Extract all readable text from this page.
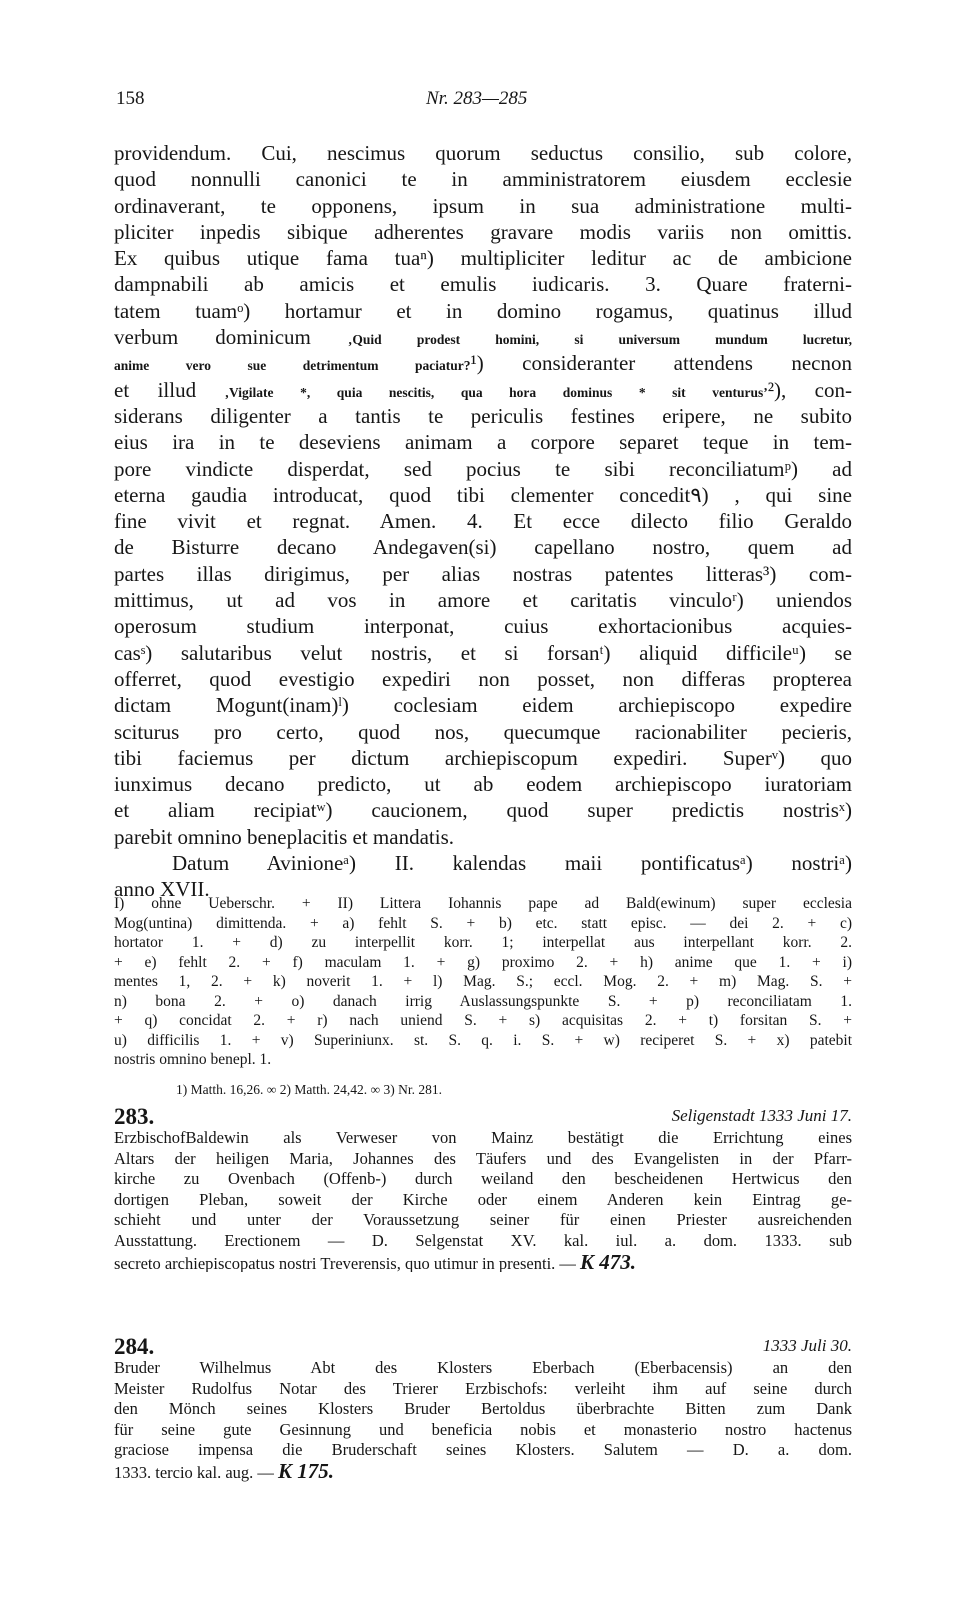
158	Nr. 283—285
providendum. Cui, nescimus quorum seductus consilio, sub colore,
quod nonnulli canonici te in amministratorem eiusdem ecclesie
ordinaverant, te opponens, ipsum in sua administratione multi-
pliciter inpedis sibique adherentes gravare modis variis non omittis.
Ex quibus utique fama tuaⁿ) multipliciter leditur ac de ambicione
dampnabili ab amicis et emulis iudicaris. 3. Quare fraterni-
tatem tuamᵒ) hortamur et in domino rogamus, quatinus illud
verbum dominicum	‚Quid prodest homini, si universum mundum lucretur,
anime vero sue detrimentum paciatur?¹) consideranter attendens necnon
et illud ‚Vigilate *, quia nescitis, qua hora dominus * sit venturus’²), con-
siderans diligenter a tantis te periculis festines eripere, ne subito
eius ira in te deseviens animam a corpore separet teque in tem-
pore vindicte disperdat, sed pocius te sibi reconciliatumᵖ) ad
eterna gaudia introducat, quod tibi clementer concedit۹) , qui sine
fine vivit et regnat. Amen. 4. Et ecce dilecto filio Geraldo
de Bisturre decano Andegaven(si) capellano nostro, quem ad
partes illas dirigimus, per alias nostras patentes litteras³) com-
mittimus, ut ad vos in amore et caritatis vinculoʳ) uniendos
operosum studium interponat, cuius exhortacionibus acquies-
casˢ) salutaribus velut nostris, et si forsanᵗ) aliquid difficileᵘ) se
offerret, quod evestigio expediri non posset, non differas propterea
dictam Mogunt(inam)ˡ) coclesiam eidem archiepiscopo expedire
sciturus pro certo, quod nos, quecumque racionabiliter pecieris,
tibi faciemus per dictum archiepiscopum expediri. Superᵛ) quo
iunximus decano predicto, ut ab eodem archiepiscopo iuratoriam
et aliam recipiatʷ) caucionem, quod super predictis nostrisˣ)
parebit omnino beneplacitis et mandatis.
Datum Avinioneᵃ) II. kalendas maii pontificatusᵃ) nostriᵃ)
anno XVII.
I) ohne Ueberschr. + II) Littera Iohannis pape ad Bald(ewinum) super ecclesia
Mog(untina) dimittenda. + a) fehlt S. + b) etc. statt episc. — dei 2. + c)
hortator 1. + d) zu interpellit korr. 1; interpellat aus interpellant korr. 2.
+ e) fehlt 2. + f) maculam 1. + g) proximo 2. + h) anime que 1. + i)
mentes 1, 2. + k) noverit 1. + l) Mag. S.; eccl. Mog. 2. + m) Mag. S. +
n) bona 2. + o) danach irrig Auslassungspunkte S. + p) reconciliatam 1.
+ q) concidat 2. + r) nach uniend S. + s) acquisitas 2. + t) forsitan S. +
u) difficilis 1. + v) Superiniunx. st. S. q. i. S. + w) reciperet S. + x) patebit
nostris omnino benepl. 1.
1) Matth. 16,26. ∞ 2) Matth. 24,42. ∞ 3) Nr. 281.
283.	Seligenstadt 1333 Juni 17.
ErzbischofBaldewin als Verweser von Mainz bestätigt die Errichtung eines
Altars der heiligen Maria, Johannes des Täufers und des Evangelisten in der Pfarr-
kirche zu Ovenbach (Offenb-) durch weiland den bescheidenen Hertwicus den
dortigen Pleban, soweit der Kirche oder einem Anderen kein Eintrag ge-
schieht und unter der Voraussetzung seiner für einen Priester ausreichenden
Ausstattung. Erectionem — D. Selgenstat XV. kal. iul. a. dom. 1333. sub
secreto archiepiscopatus nostri Treverensis, quo utimur in presenti. — K 473.
284.	1333 Juli 30.
Bruder Wilhelmus Abt des Klosters Eberbach (Eberbacensis) an den
Meister Rudolfus Notar des Trierer Erzbischofs: verleiht ihm auf seine durch
den Mönch seines Klosters Bruder Bertoldus überbrachte Bitten zum Dank
für seine gute Gesinnung und beneficia nobis et monasterio nostro hactenus
graciose impensa die Bruderschaft seines Klosters. Salutem — D. a. dom.
1333. tercio kal. aug. — K 175.
